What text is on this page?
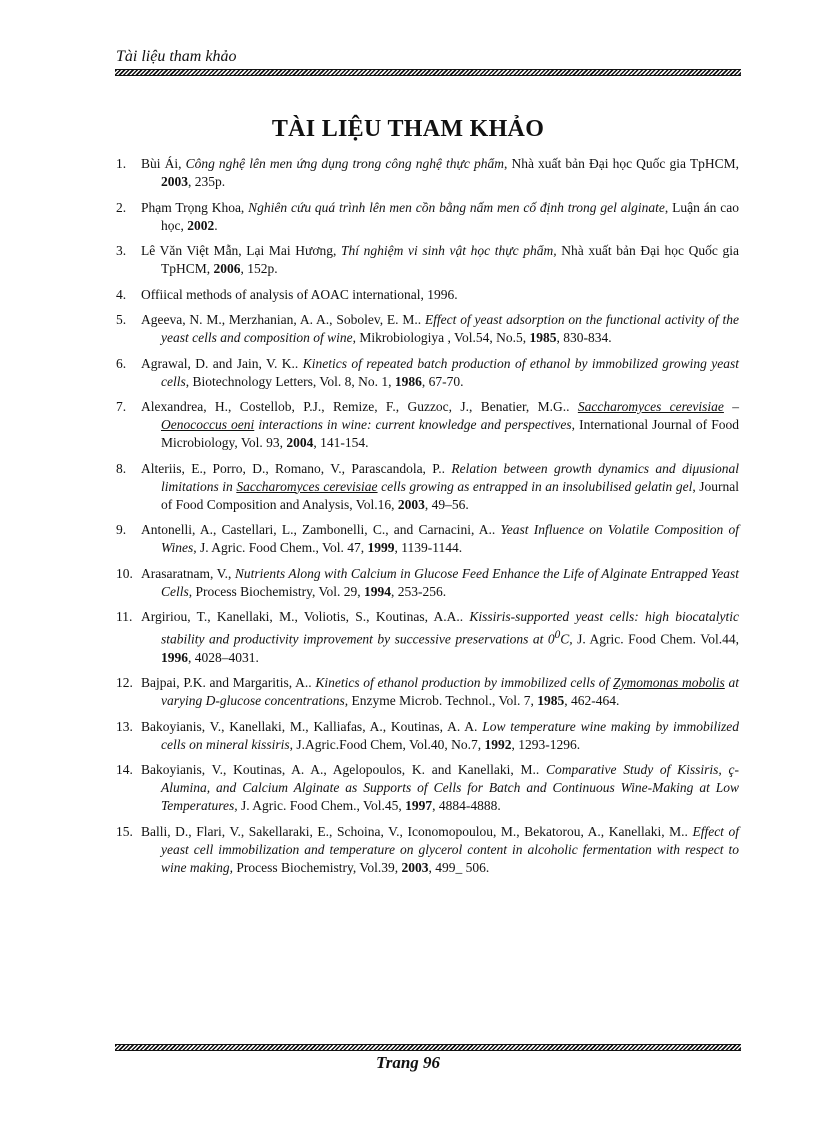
Tài liệu tham khảo
TÀI LIỆU THAM KHẢO
1. Bùi Ái, Công nghệ lên men ứng dụng trong công nghệ thực phẩm, Nhà xuất bản Đại học Quốc gia TpHCM, 2003, 235p.
2. Phạm Trọng Khoa, Nghiên cứu quá trình lên men cồn bằng nấm men cố định trong gel alginate, Luận án cao học, 2002.
3. Lê Văn Việt Mẫn, Lại Mai Hương, Thí nghiệm vi sinh vật học thực phẩm, Nhà xuất bản Đại học Quốc gia TpHCM, 2006, 152p.
4. Offiical methods of analysis of AOAC international, 1996.
5. Ageeva, N. M., Merzhanian, A. A., Sobolev, E. M.. Effect of yeast adsorption on the functional activity of the yeast cells and composition of wine, Mikrobiologiya , Vol.54, No.5, 1985, 830-834.
6. Agrawal, D. and Jain, V. K.. Kinetics of repeated batch production of ethanol by immobilized growing yeast cells, Biotechnology Letters, Vol. 8, No. 1, 1986, 67-70.
7. Alexandrea, H., Costellob, P.J., Remize, F., Guzzoc, J., Benatier, M.G.. Saccharomyces cerevisiae –Oenococcus oeni interactions in wine: current knowledge and perspectives, International Journal of Food Microbiology, Vol. 93, 2004, 141-154.
8. Alteriis, E., Porro, D., Romano, V., Parascandola, P.. Relation between growth dynamics and diμusional limitations in Saccharomyces cerevisiae cells growing as entrapped in an insolubilised gelatin gel, Journal of Food Composition and Analysis, Vol.16, 2003, 49–56.
9. Antonelli, A., Castellari, L., Zambonelli, C., and Carnacini, A.. Yeast Influence on Volatile Composition of Wines, J. Agric. Food Chem., Vol. 47, 1999, 1139-1144.
10. Arasaratnam, V., Nutrients Along with Calcium in Glucose Feed Enhance the Life of Alginate Entrapped Yeast Cells, Process Biochemistry, Vol. 29, 1994, 253-256.
11. Argiriou, T., Kanellaki, M., Voliotis, S., Koutinas, A.A.. Kissiris-supported yeast cells: high biocatalytic stability and productivity improvement by successive preservations at $0^0C$, J. Agric. Food Chem. Vol.44, 1996, 4028–4031.
12. Bajpai, P.K. and Margaritis, A.. Kinetics of ethanol production by immobilized cells of Zymomonas mobolis at varying D-glucose concentrations, Enzyme Microb. Technol., Vol. 7, 1985, 462-464.
13. Bakoyianis, V., Kanellaki, M., Kalliafas, A., Koutinas, A. A. Low temperature wine making by immobilized cells on mineral kissiris, J.Agric.Food Chem, Vol.40, No.7, 1992, 1293-1296.
14. Bakoyianis, V., Koutinas, A. A., Agelopoulos, K. and Kanellaki, M.. Comparative Study of Kissiris, ç-Alumina, and Calcium Alginate as Supports of Cells for Batch and Continuous Wine-Making at Low Temperatures, J. Agric. Food Chem., Vol.45, 1997, 4884-4888.
15. Balli, D., Flari, V., Sakellaraki, E., Schoina, V., Iconomopoulou, M., Bekatorou, A., Kanellaki, M.. Effect of yeast cell immobilization and temperature on glycerol content in alcoholic fermentation with respect to wine making, Process Biochemistry, Vol.39, 2003, 499_ 506.
Trang 96
